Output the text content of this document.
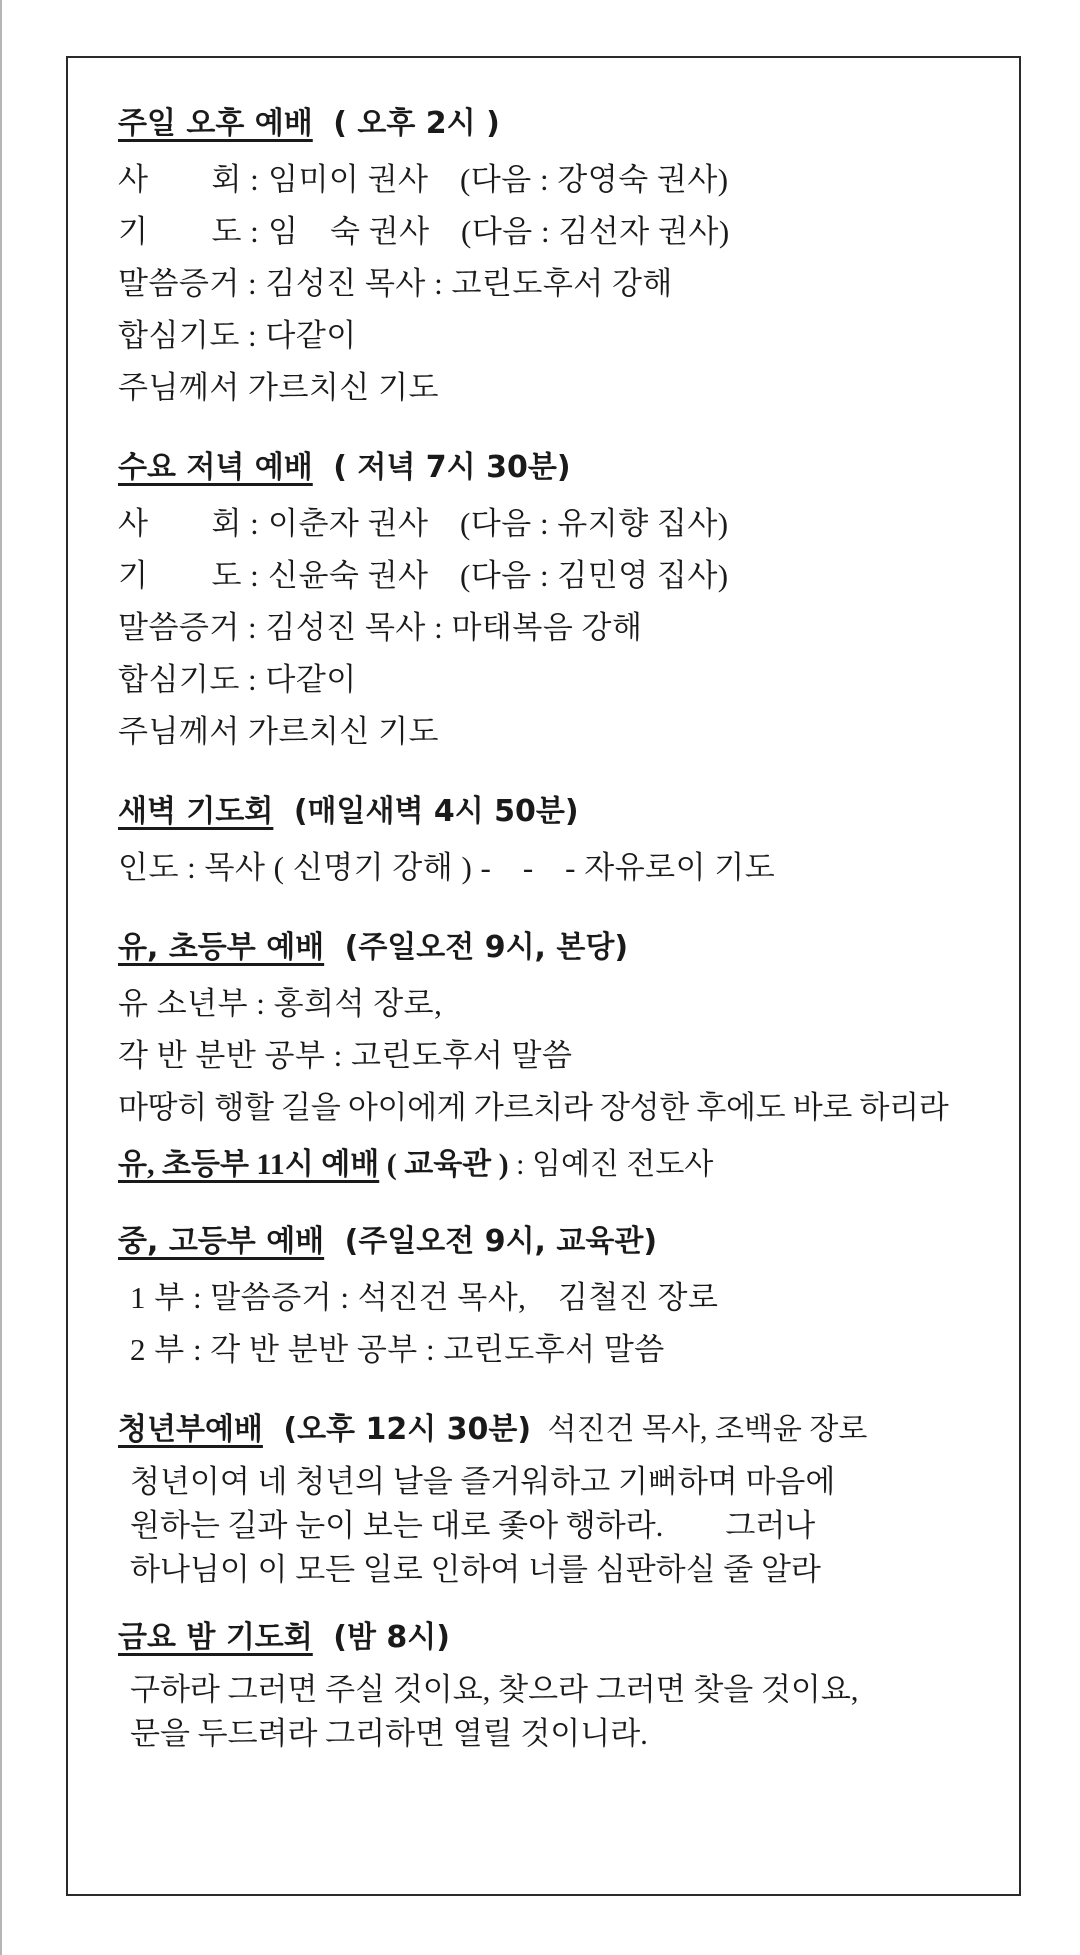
주일 오후 예배 ( 오후 2시 )
사　　회 : 임미이 권사　(다음 : 강영숙 권사)
기　　도 : 임　숙 권사　(다음 : 김선자 권사)
말씀증거 : 김성진 목사 : 고린도후서 강해
합심기도 : 다같이
주님께서 가르치신 기도
수요 저녁 예배 ( 저녁 7시 30분)
사　　회 : 이춘자 권사　(다음 : 유지향 집사)
기　　도 : 신윤숙 권사　(다음 : 김민영 집사)
말씀증거 : 김성진 목사 : 마태복음 강해
합심기도 : 다같이
주님께서 가르치신 기도
새벽 기도회 (매일새벽 4시 50분)
인도 : 목사 ( 신명기 강해 ) -　-　- 자유로이 기도
유, 초등부 예배 (주일오전 9시, 본당)
유 소년부 : 홍희석 장로,
각 반 분반 공부 : 고린도후서 말씀
마땅히 행할 길을 아이에게 가르치라 장성한 후에도 바로 하리라
유, 초등부 11시 예배 ( 교육관 ) : 임예진 전도사
중, 고등부 예배 (주일오전 9시, 교육관)
1 부 : 말씀증거 : 석진건 목사,　김철진 장로
2 부 : 각 반 분반 공부 : 고린도후서 말씀
청년부예배 (오후 12시 30분) 석진건 목사, 조백윤 장로
청년이여 네 청년의 날을 즐거워하고 기뻐하며 마음에
원하는 길과 눈이 보는 대로 좇아 행하라.　　그러나
하나님이 이 모든 일로 인하여 너를 심판하실 줄 알라
금요 밤 기도회 (밤 8시)
구하라 그러면 주실 것이요, 찾으라 그러면 찾을 것이요,
문을 두드려라 그리하면 열릴 것이니라.
